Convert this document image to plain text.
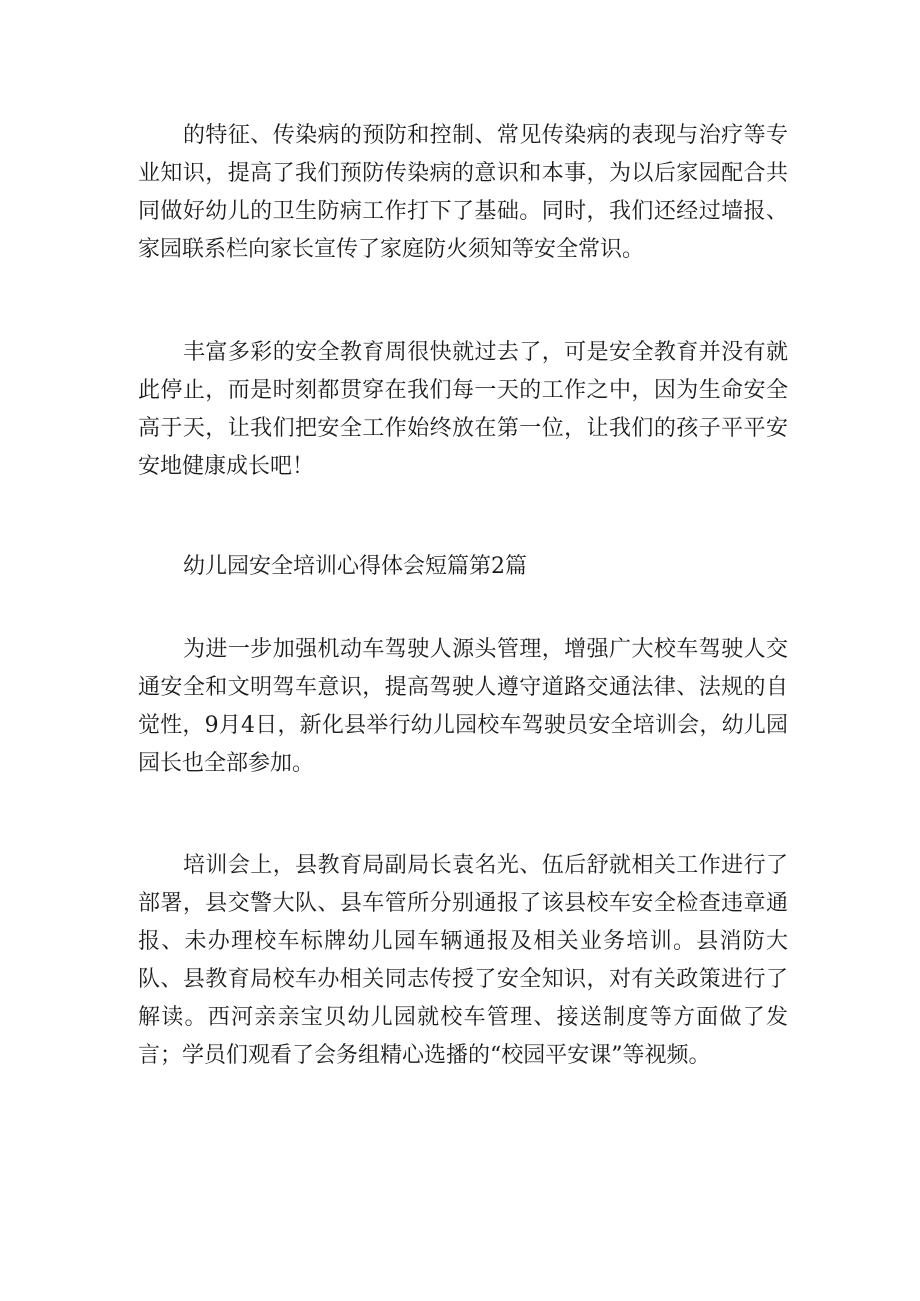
的特征、传染病的预防和控制、常见传染病的表现与治疗等专业知识，提高了我们预防传染病的意识和本事，为以后家园配合共同做好幼儿的卫生防病工作打下了基础。同时，我们还经过墙报、家园联系栏向家长宣传了家庭防火须知等安全常识。

丰富多彩的安全教育周很快就过去了，可是安全教育并没有就此停止，而是时刻都贯穿在我们每一天的工作之中，因为生命安全高于天，让我们把安全工作始终放在第一位，让我们的孩子平平安安地健康成长吧！

幼儿园安全培训心得体会短篇第2篇

为进一步加强机动车驾驶人源头管理，增强广大校车驾驶人交通安全和文明驾车意识，提高驾驶人遵守道路交通法律、法规的自觉性，9月4日，新化县举行幼儿园校车驾驶员安全培训会，幼儿园园长也全部参加。

培训会上，县教育局副局长袁名光、伍后舒就相关工作进行了部署，县交警大队、县车管所分别通报了该县校车安全检查违章通报、未办理校车标牌幼儿园车辆通报及相关业务培训。县消防大队、县教育局校车办相关同志传授了安全知识，对有关政策进行了解读。西河亲亲宝贝幼儿园就校车管理、接送制度等方面做了发言；学员们观看了会务组精心选播的“校园平安课”等视频。
